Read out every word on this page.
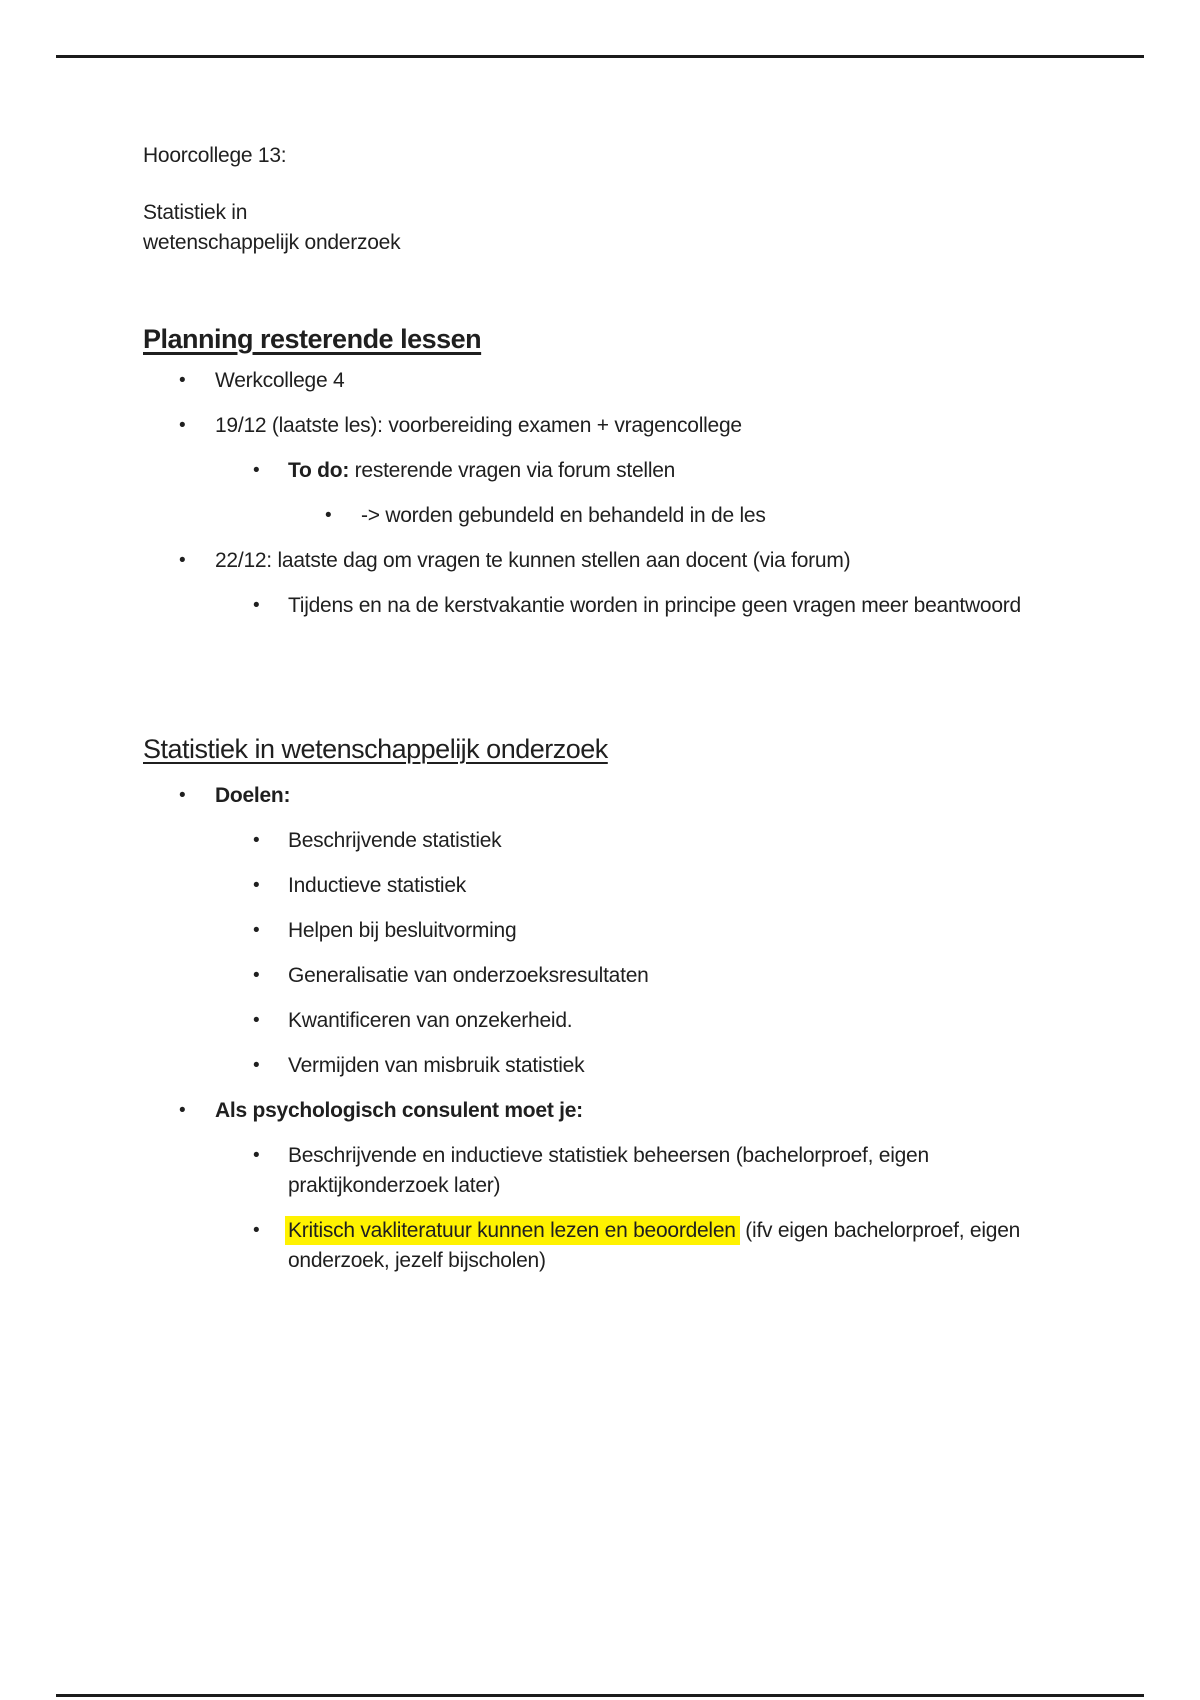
Hoorcollege 13:

Statistiek in
wetenschappelijk onderzoek

Planning resterende lessen
• Werkcollege 4
• 19/12 (laatste les): voorbereiding examen + vragencollege
• To do: resterende vragen via forum stellen
• -> worden gebundeld en behandeld in de les
• 22/12: laatste dag om vragen te kunnen stellen aan docent (via forum)
• Tijdens en na de kerstvakantie worden in principe geen vragen meer beantwoord
Statistiek in wetenschappelijk onderzoek
• Doelen:
• Beschrijvende statistiek
• Inductieve statistiek
• Helpen bij besluitvorming
• Generalisatie van onderzoeksresultaten
• Kwantificeren van onzekerheid.
• Vermijden van misbruik statistiek
• Als psychologisch consulent moet je:
• Beschrijvende en inductieve statistiek beheersen (bachelorproef, eigen
praktijkonderzoek later)
• Kritisch vakliteratuur kunnen lezen en beoordelen (ifv eigen bachelorproef, eigen
onderzoek, jezelf bijscholen)
